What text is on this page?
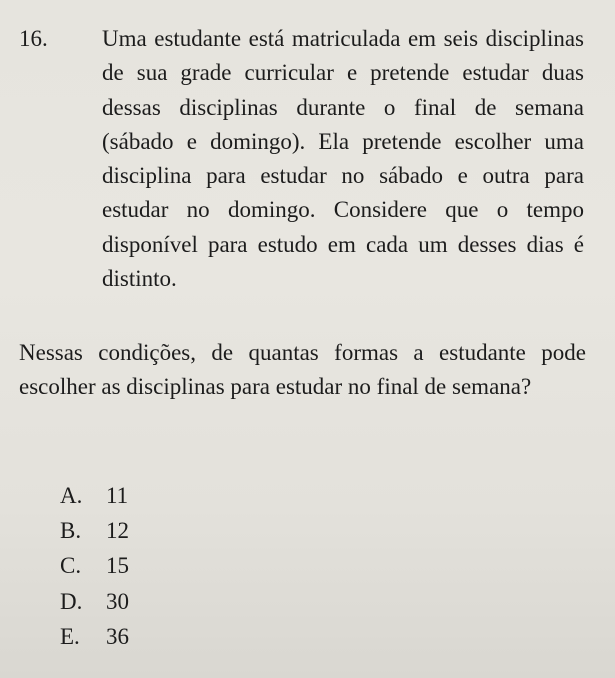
16. Uma estudante está matriculada em seis disciplinas de sua grade curricular e pretende estudar duas dessas disciplinas durante o final de semana (sábado e domingo). Ela pretende escolher uma disciplina para estudar no sábado e outra para estudar no domingo. Considere que o tempo disponível para estudo em cada um desses dias é distinto.
Nessas condições, de quantas formas a estudante pode escolher as disciplinas para estudar no final de semana?
A.	11
B.	12
C.	15
D.	30
E.	36
